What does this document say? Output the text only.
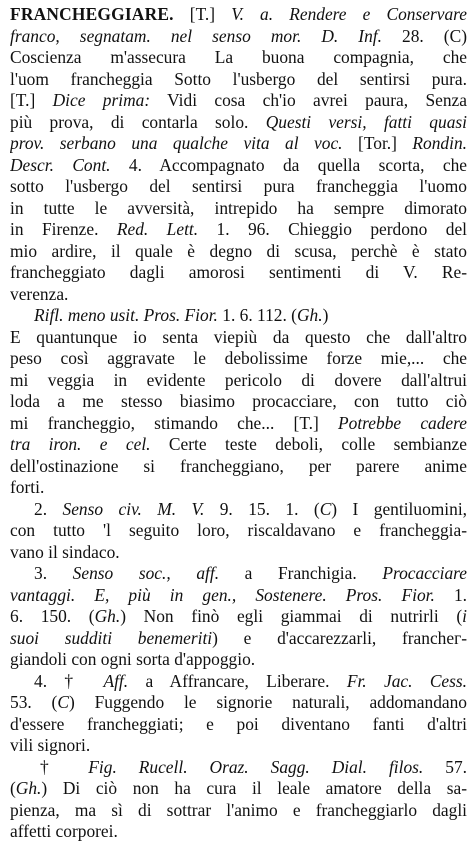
FRANCHEGGIARE. [T.] V. a. Rendere e Conservare
franco, segnatam. nel senso mor. D. Inf. 28. (C)
Coscienza m'assecura La buona compagnia, che
l'uom francheggia Sotto l'usbergo del sentirsi pura.
[T.] Dice prima: Vidi cosa ch'io avrei paura, Senza
più prova, di contarla solo. Questi versi, fatti quasi
prov. serbano una qualche vita al voc. [Tor.] Rondin.
Descr. Cont. 4. Accompagnato da quella scorta, che
sotto l'usbergo del sentirsi pura francheggia l'uomo
in tutte le avversità, intrepido ha sempre dimorato
in Firenze. Red. Lett. 1. 96. Chieggio perdono del
mio ardire, il quale è degno di scusa, perchè è stato
francheggiato dagli amorosi sentimenti di V. Re-
verenza.
Rifl. meno usit. Pros. Fior. 1. 6. 112. (Gh.)
E quantunque io senta viepiù da questo che dall'altro
peso così aggravate le debolissime forze mie,... che
mi veggia in evidente pericolo di dovere dall'altrui
loda a me stesso biasimo procacciare, con tutto ciò
mi francheggio, stimando che... [T.] Potrebbe cadere
tra iron. e cel. Certe teste deboli, colle sembianze
dell'ostinazione si francheggiano, per parere anime
forti.
2. Senso civ. M. V. 9. 15. 1. (C) I gentiluomini,
con tutto 'l seguito loro, riscaldavano e francheggia-
vano il sindaco.
3. Senso soc., aff. a Franchigia. Procacciare
vantaggi. E, più in gen., Sostenere. Pros. Fior. 1.
6. 150. (Gh.) Non finò egli giammai di nutrirli (i
suoi sudditi benemeriti) e d'accarezzarli, franchег-
giandoli con ogni sorta d'appoggio.
4. † Aff. a Affrancare, Liberare. Fr. Jac. Cess.
53. (C) Fuggendo le signorie naturali, addomandano
d'essere francheggiati; e poi diventano fanti d'altri
vili signori.
† Fig. Rucell. Oraz. Sagg. Dial. filos. 57.
(Gh.) Di ciò non ha cura il leale amatore della sa-
pienza, ma sì di sottrar l'animo e francheggiarlo dagli
affetti corporei.
